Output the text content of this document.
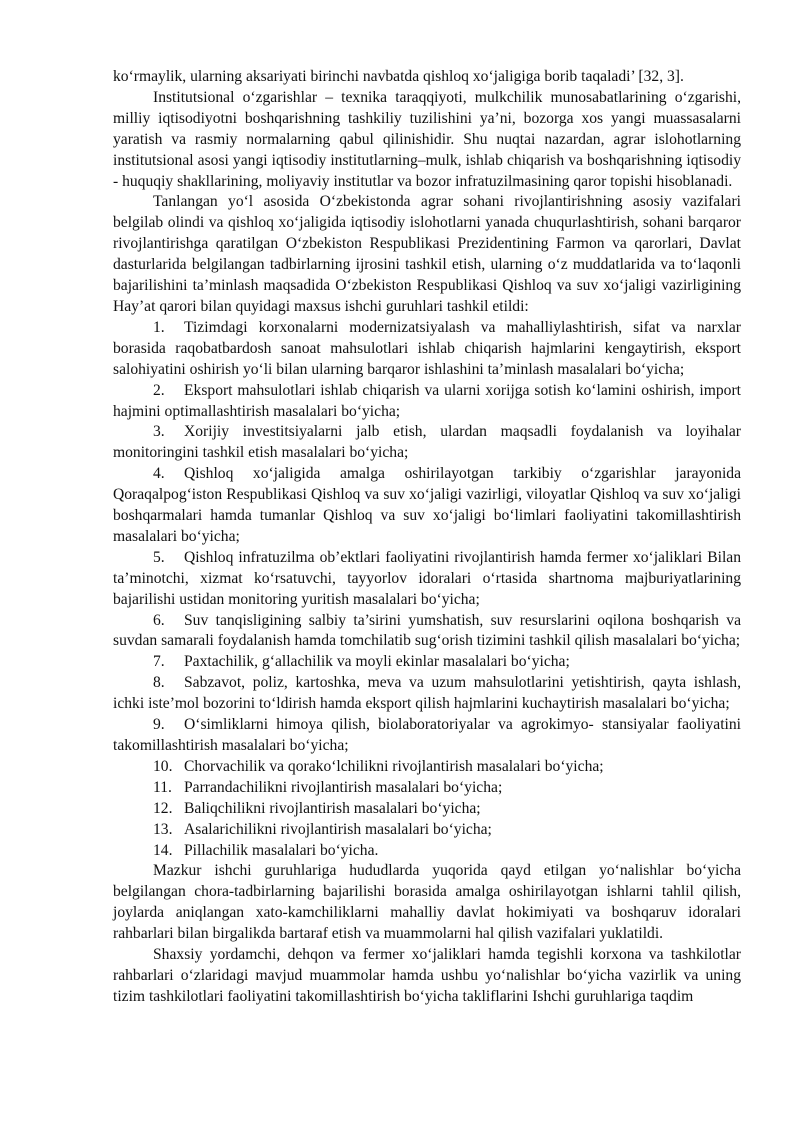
ko‘rmaylik, ularning aksariyati birinchi navbatda qishloq xo‘jaligiga borib taqaladi’ [32, 3].

Institutsional o‘zgarishlar – texnika taraqqiyoti, mulkchilik munosabatlarining o‘zgarishi, milliy iqtisodiyotni boshqarishning tashkiliy tuzilishini ya’ni, bozorga xos yangi muassasalarni yaratish va rasmiy normalarning qabul qilinishidir. Shu nuqtai nazardan, agrar islohotlarning institutsional asosi yangi iqtisodiy institutlarning–mulk, ishlab chiqarish va boshqarishning iqtisodiy - huquqiy shakllarining, moliyaviy institutlar va bozor infratuzilmasining qaror topishi hisoblanadi.

Tanlangan yo‘l asosida O‘zbekistonda agrar sohani rivojlantirishning asosiy vazifalari belgilab olindi va qishloq xo‘jaligida iqtisodiy islohotlarni yanada chuqurlashtirish, sohani barqaror rivojlantirishga qaratilgan O‘zbekiston Respublikasi Prezidentining Farmon va qarorlari, Davlat dasturlarida belgilangan tadbirlarning ijrosini tashkil etish, ularning o‘z muddatlarida va to‘laqonli bajarilishini ta’minlash maqsadida O‘zbekiston Respublikasi Qishloq va suv xo‘jaligi vazirligining Hay’at qarori bilan quyidagi maxsus ishchi guruhlari tashkil etildi:

1. Tizimdagi korxonalarni modernizatsiyalash va mahalliylashtirish, sifat va narxlar borasida raqobatbardosh sanoat mahsulotlari ishlab chiqarish hajmlarini kengaytirish, eksport salohiyatini oshirish yo‘li bilan ularning barqaror ishlashini ta’minlash masalalari bo‘yicha;

2. Eksport mahsulotlari ishlab chiqarish va ularni xorijga sotish ko‘lamini oshirish, import hajmini optimallashtirish masalalari bo‘yicha;

3. Xorijiy investitsiyalarni jalb etish, ulardan maqsadli foydalanish va loyihalar monitoringini tashkil etish masalalari bo‘yicha;

4. Qishloq xo‘jaligida amalga oshirilayotgan tarkibiy o‘zgarishlar jarayonida Qoraqalpog‘iston Respublikasi Qishloq va suv xo‘jaligi vazirligi, viloyatlar Qishloq va suv xo‘jaligi boshqarmalari hamda tumanlar Qishloq va suv xo‘jaligi bo‘limlari faoliyatini takomillashtirish masalalari bo‘yicha;

5. Qishloq infratuzilma ob’ektlari faoliyatini rivojlantirish hamda fermer xo‘jaliklari Bilan ta’minotchi, xizmat ko‘rsatuvchi, tayyorlov idoralari o‘rtasida shartnoma majburiyatlarining bajarilishi ustidan monitoring yuritish masalalari bo‘yicha;

6. Suv tanqisligining salbiy ta’sirini yumshatish, suv resurslarini oqilona boshqarish va suvdan samarali foydalanish hamda tomchilatib sug‘orish tizimini tashkil qilish masalalari bo‘yicha;

7. Paxtachilik, g‘allachilik va moyli ekinlar masalalari bo‘yicha;

8. Sabzavot, poliz, kartoshka, meva va uzum mahsulotlarini yetishtirish, qayta ishlash, ichki iste’mol bozorini to‘ldirish hamda eksport qilish hajmlarini kuchaytirish masalalari bo‘yicha;

9. O‘simliklarni himoya qilish, biolaboratoriyalar va agrokimyo- stansiyalar faoliyatini takomillashtirish masalalari bo‘yicha;

10. Chorvachilik va qorako‘lchilikni rivojlantirish masalalari bo‘yicha;

11. Parrandachilikni rivojlantirish masalalari bo‘yicha;

12. Baliqchilikni rivojlantirish masalalari bo‘yicha;

13. Asalarichilikni rivojlantirish masalalari bo‘yicha;

14. Pillachilik masalalari bo‘yicha.

Mazkur ishchi guruhlariga hududlarda yuqorida qayd etilgan yo‘nalishlar bo‘yicha belgilangan chora-tadbirlarning bajarilishi borasida amalga oshirilayotgan ishlarni tahlil qilish, joylarda aniqlangan xato-kamchiliklarni mahalliy davlat hokimiyati va boshqaruv idoralari rahbarlari bilan birgalikda bartaraf etish va muammolarni hal qilish vazifalari yuklatildi.

Shaxsiy yordamchi, dehqon va fermer xo‘jaliklari hamda tegishli korxona va tashkilotlar rahbarlari o‘zlaridagi mavjud muammolar hamda ushbu yo‘nalishlar bo‘yicha vazirlik va uning tizim tashkilotlari faoliyatini takomillashtirish bo‘yicha takliflarini Ishchi guruhlariga taqdim
